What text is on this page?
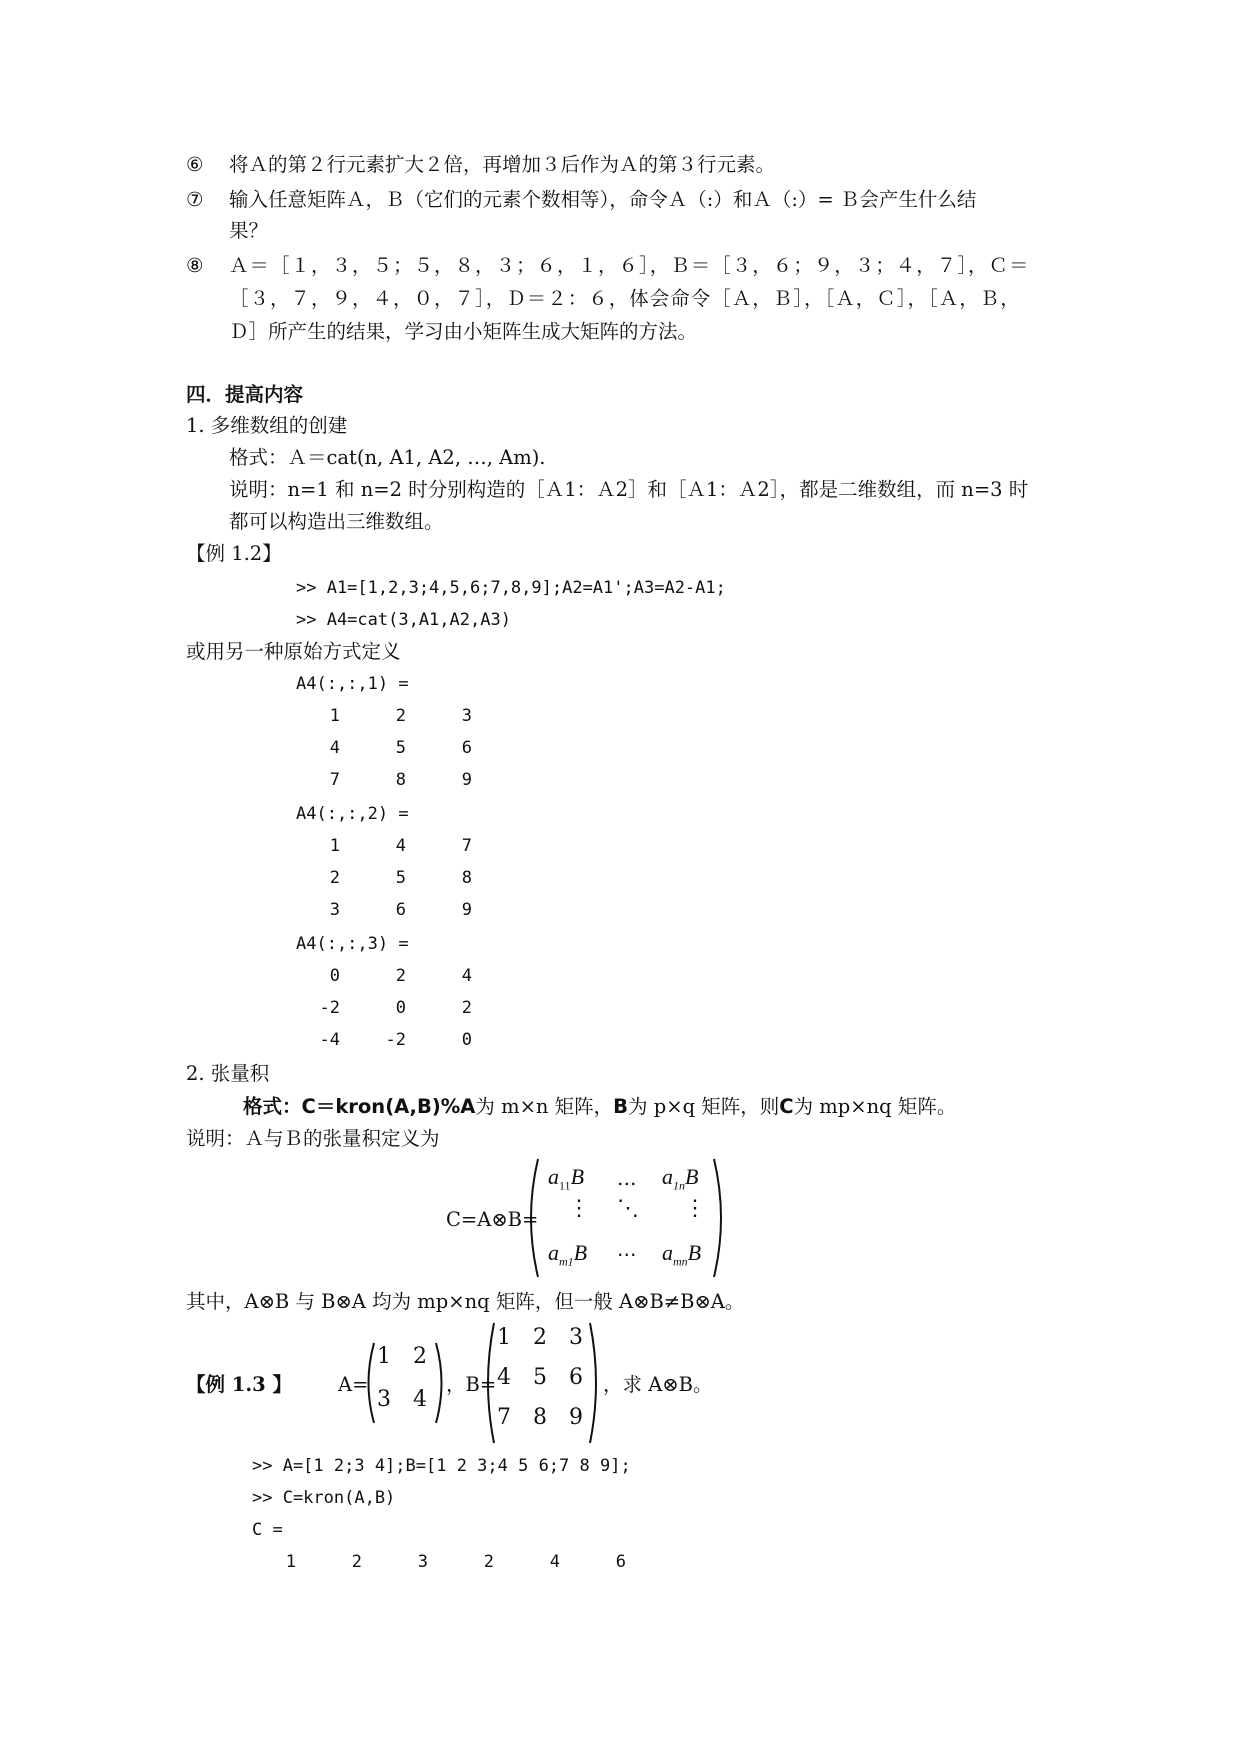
⑥ 将Ａ的第２行元素扩大２倍，再增加３后作为Ａ的第３行元素。
⑦ 输入任意矩阵Ａ，Ｂ（它们的元素个数相等），命令Ａ（:）和Ａ（:）= Ｂ会产生什么结
果？
⑧ Ａ＝［１，３，５；５，８，３；６，１，６］，Ｂ＝［３，６；９，３；４，７］，Ｃ＝
［３，７，９，４，０，７］，Ｄ＝２：６，体会命令［Ａ，Ｂ］，［Ａ，Ｃ］，［Ａ，Ｂ，
Ｄ］所产生的结果，学习由小矩阵生成大矩阵的方法。
四．提高内容
1. 多维数组的创建
格式：Ａ＝cat(n, A1, A2, …, Am).
说明：n=1 和 n=2 时分别构造的［Ａ1：Ａ2］和［Ａ1：Ａ2］，都是二维数组，而 n=3 时
都可以构造出三维数组。
【例 1.2】
>> A1=[1,2,3;4,5,6;7,8,9];A2=A1';A3=A2-A1;
>> A4=cat(3,A1,A2,A3)
或用另一种原始方式定义
A4(:,:,1) =
1	2	3
4	5	6
7	8	9
A4(:,:,2) =
1	4	7
2	5	8
3	6	9
A4(:,:,3) =
0	2	4
-2	0	2
-4	-2	0
2. 张量积
格式：C＝kron(A,B)%A为 m×n 矩阵，B为 p×q 矩阵，则C为 mp×nq 矩阵。
说明：Ａ与Ｂ的张量积定义为
C=A⊗B=
$a_{11}B$ … $a_{1n}B$
⋮ ⋱ ⋮
$a_{m1}B$ ⋯ $a_{mn}B$
其中，A⊗B 与 B⊗A 均为 mp×nq 矩阵，但一般 A⊗B≠B⊗A。
【例 1.3 】 A=
1 2
3 4
，B=
1 2 3
4 5 6
7 8 9
，求 A⊗B。
>> A=[1 2;3 4];B=[1 2 3;4 5 6;7 8 9];
>> C=kron(A,B)
C =
1	2	3	2	4	6
